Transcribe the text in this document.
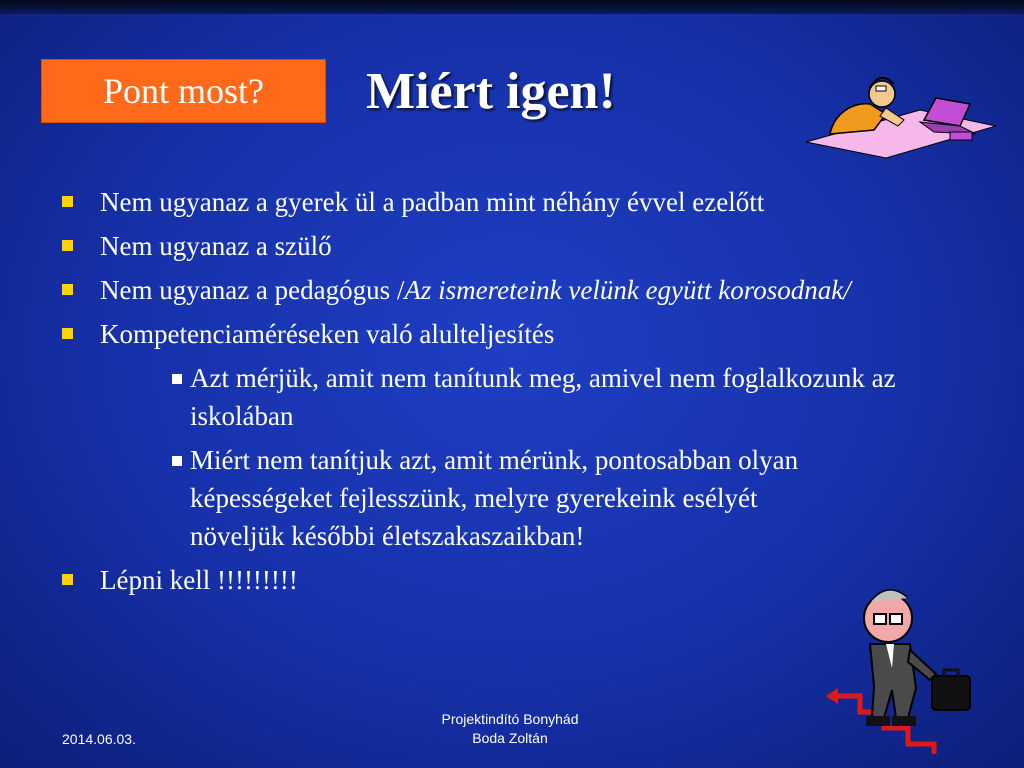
Pont most? Miért igen!
Nem ugyanaz a gyerek ül a padban mint néhány évvel ezelőtt
Nem ugyanaz a szülő
Nem ugyanaz a pedagógus /Az ismereteink velünk együtt korosodnak/
Kompetenciaméréseken való alulteljesítés
Azt mérjük, amit nem tanítunk meg, amivel nem foglalkozunk az iskolában
Miért nem tanítjuk azt, amit mérünk, pontosabban olyan képességeket fejlesszünk, melyre gyerekeink esélyét növeljük későbbi életszakaszaikban!
Lépni kell !!!!!!!!!
2014.06.03.
Projektindító Bonyhád
Boda Zoltán
